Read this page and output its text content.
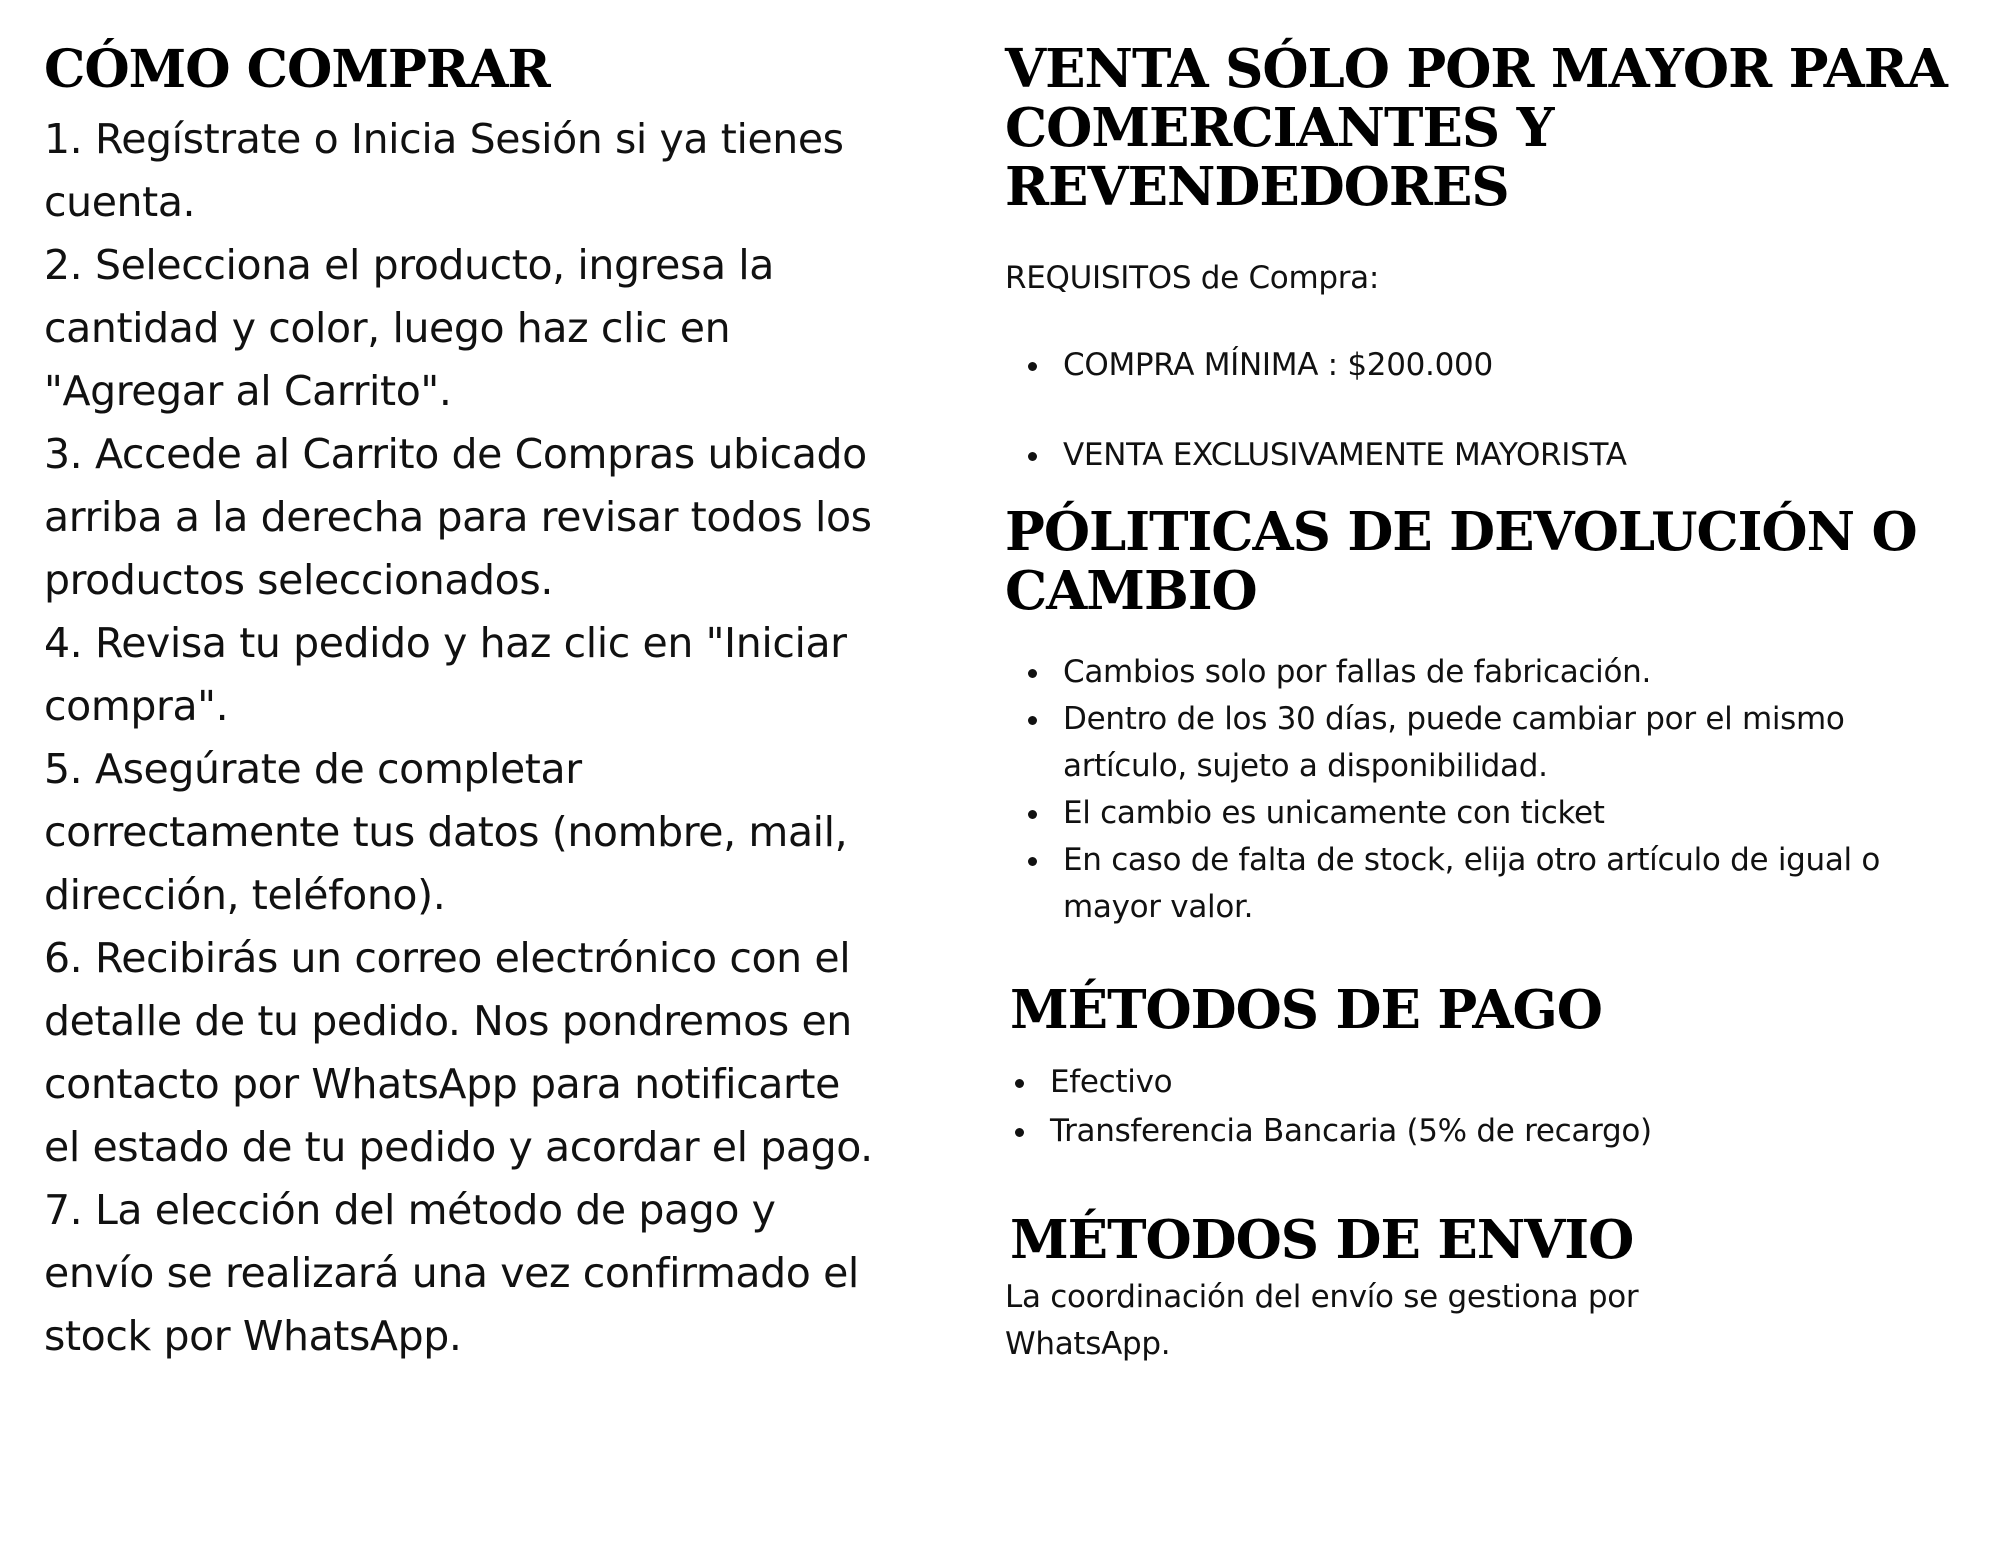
CÓMO COMPRAR
1. Regístrate o Inicia Sesión si ya tienes cuenta.
2. Selecciona el producto, ingresa la cantidad y color, luego haz clic en "Agregar al Carrito".
3. Accede al Carrito de Compras ubicado arriba a la derecha para revisar todos los productos seleccionados.
4. Revisa tu pedido y haz clic en "Iniciar compra".
5. Asegúrate de completar correctamente tus datos (nombre, mail, dirección, teléfono).
6. Recibirás un correo electrónico con el detalle de tu pedido. Nos pondremos en contacto por WhatsApp para notificarte el estado de tu pedido y acordar el pago.
7. La elección del método de pago y envío se realizará una vez confirmado el stock por WhatsApp.
VENTA SÓLO POR MAYOR PARA COMERCIANTES Y REVENDEDORES
REQUISITOS de Compra:
COMPRA MÍNIMA : $200.000
VENTA EXCLUSIVAMENTE MAYORISTA
PÓLITICAS DE DEVOLUCIÓN O CAMBIO
Cambios solo por fallas de fabricación.
Dentro de los 30 días, puede cambiar por el mismo artículo, sujeto a disponibilidad.
El cambio es unicamente con ticket
En caso de falta de stock, elija otro artículo de igual o mayor valor.
MÉTODOS DE PAGO
Efectivo
Transferencia Bancaria (5% de recargo)
MÉTODOS DE ENVIO
La coordinación del envío se gestiona por WhatsApp.
